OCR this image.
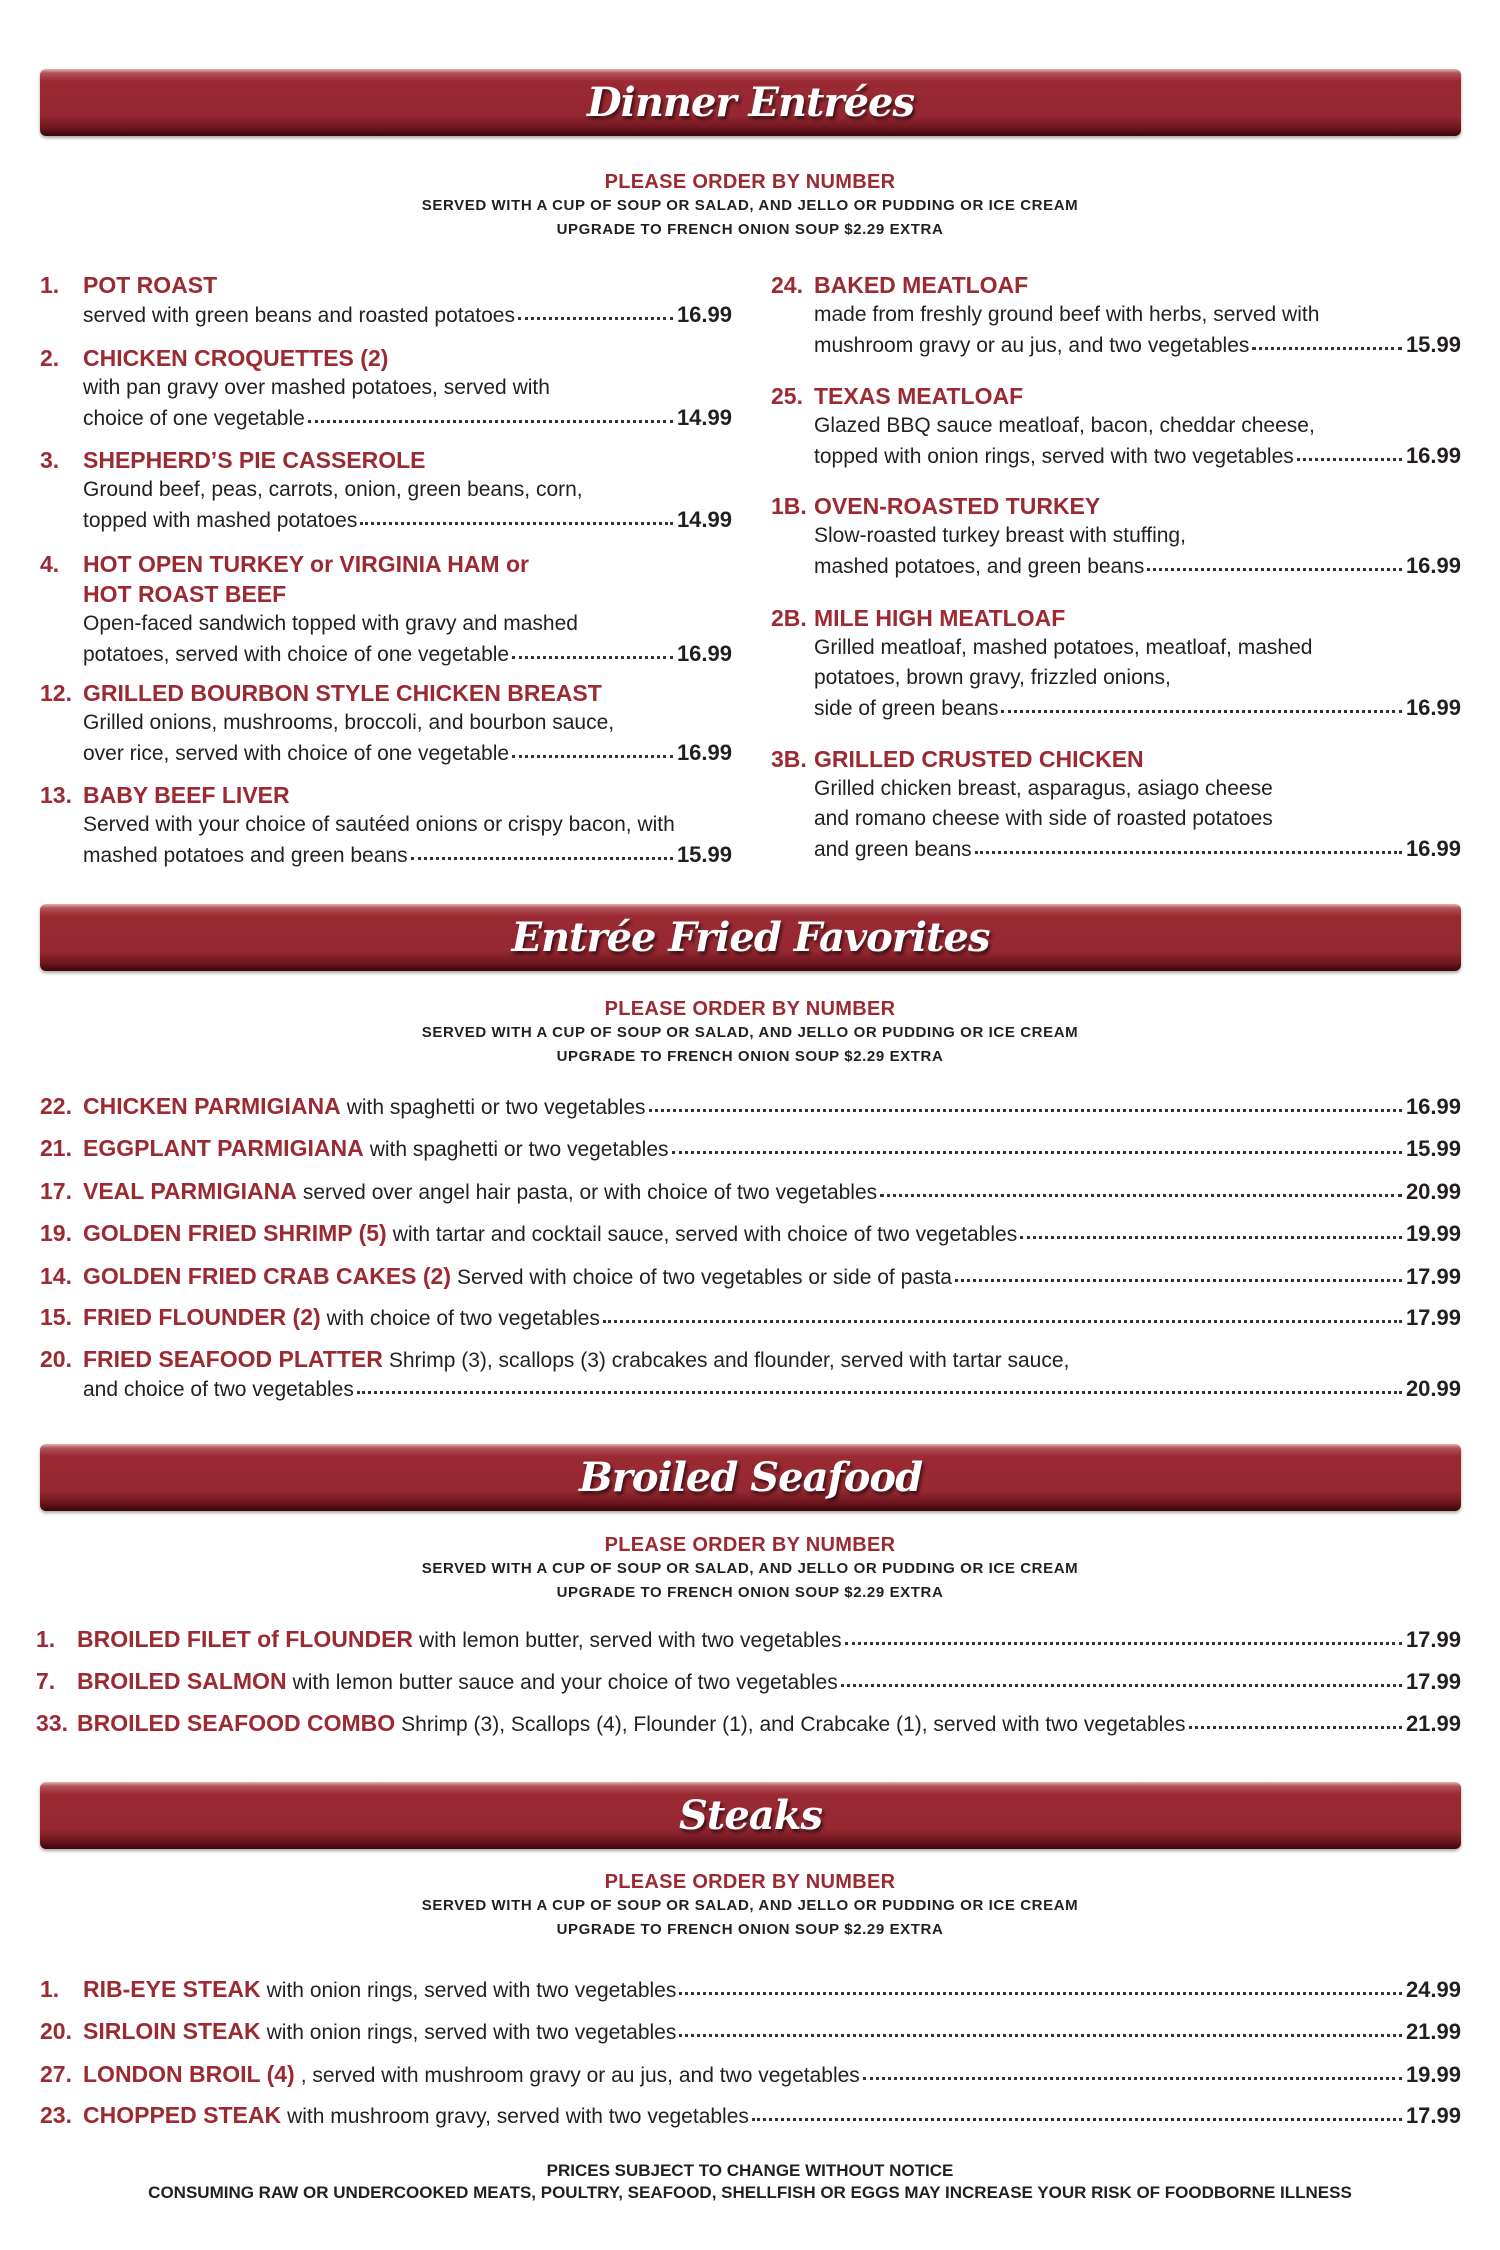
Dinner Entrées
PLEASE ORDER BY NUMBER
SERVED WITH A CUP OF SOUP OR SALAD, AND JELLO OR PUDDING OR ICE CREAM
UPGRADE TO FRENCH ONION SOUP $2.29 EXTRA
1.	POT ROAST
served with green beans and roasted potatoes	16.99
2.	CHICKEN CROQUETTES (2)
with pan gravy over mashed potatoes, served with
choice of one vegetable	14.99
3.	SHEPHERD’S PIE CASSEROLE
Ground beef, peas, carrots, onion, green beans, corn,
topped with mashed potatoes	14.99
4.	HOT OPEN TURKEY or VIRGINIA HAM or
HOT ROAST BEEF
Open-faced sandwich topped with gravy and mashed
potatoes, served with choice of one vegetable	16.99
12. GRILLED BOURBON STYLE CHICKEN BREAST
Grilled onions, mushrooms, broccoli, and bourbon sauce,
over rice, served with choice of one vegetable	16.99
13. BABY BEEF LIVER
Served with your choice of sautéed onions or crispy bacon, with
mashed potatoes and green beans	15.99
24. BAKED MEATLOAF
made from freshly ground beef with herbs, served with
mushroom gravy or au jus, and two vegetables	15.99
25. TEXAS MEATLOAF
Glazed BBQ sauce meatloaf, bacon, cheddar cheese,
topped with onion rings, served with two vegetables	16.99
1B. OVEN-ROASTED TURKEY
Slow-roasted turkey breast with stuffing,
mashed potatoes, and green beans	16.99
2B. MILE HIGH MEATLOAF
Grilled meatloaf, mashed potatoes, meatloaf, mashed
potatoes, brown gravy, frizzled onions,
side of green beans	16.99
3B. GRILLED CRUSTED CHICKEN
Grilled chicken breast, asparagus, asiago cheese
and romano cheese with side of roasted potatoes
and green beans	16.99
Entrée Fried Favorites
PLEASE ORDER BY NUMBER
SERVED WITH A CUP OF SOUP OR SALAD, AND JELLO OR PUDDING OR ICE CREAM
UPGRADE TO FRENCH ONION SOUP $2.29 EXTRA
22. CHICKEN PARMIGIANA with spaghetti or two vegetables	16.99
21. EGGPLANT PARMIGIANA with spaghetti or two vegetables	15.99
17. VEAL PARMIGIANA served over angel hair pasta, or with choice of two vegetables	20.99
19. GOLDEN FRIED SHRIMP (5) with tartar and cocktail sauce, served with choice of two vegetables	19.99
14. GOLDEN FRIED CRAB CAKES (2) Served with choice of two vegetables or side of pasta	17.99
15. FRIED FLOUNDER (2) with choice of two vegetables	17.99
20. FRIED SEAFOOD PLATTER Shrimp (3), scallops (3) crabcakes and flounder, served with tartar sauce,
and choice of two vegetables	20.99
Broiled Seafood
PLEASE ORDER BY NUMBER
SERVED WITH A CUP OF SOUP OR SALAD, AND JELLO OR PUDDING OR ICE CREAM
UPGRADE TO FRENCH ONION SOUP $2.29 EXTRA
1. BROILED FILET of FLOUNDER with lemon butter, served with two vegetables	17.99
7. BROILED SALMON with lemon butter sauce and your choice of two vegetables	17.99
33. BROILED SEAFOOD COMBO Shrimp (3), Scallops (4), Flounder (1), and Crabcake (1), served with two vegetables	21.99
Steaks
PLEASE ORDER BY NUMBER
SERVED WITH A CUP OF SOUP OR SALAD, AND JELLO OR PUDDING OR ICE CREAM
UPGRADE TO FRENCH ONION SOUP $2.29 EXTRA
1.	RIB-EYE STEAK with onion rings, served with two vegetables	24.99
20. SIRLOIN STEAK with onion rings, served with two vegetables	21.99
27. LONDON BROIL (4) , served with mushroom gravy or au jus, and two vegetables	19.99
23. CHOPPED STEAK with mushroom gravy, served with two vegetables	17.99
PRICES SUBJECT TO CHANGE WITHOUT NOTICE
CONSUMING RAW OR UNDERCOOKED MEATS, POULTRY, SEAFOOD, SHELLFISH OR EGGS MAY INCREASE YOUR RISK OF FOODBORNE ILLNESS
